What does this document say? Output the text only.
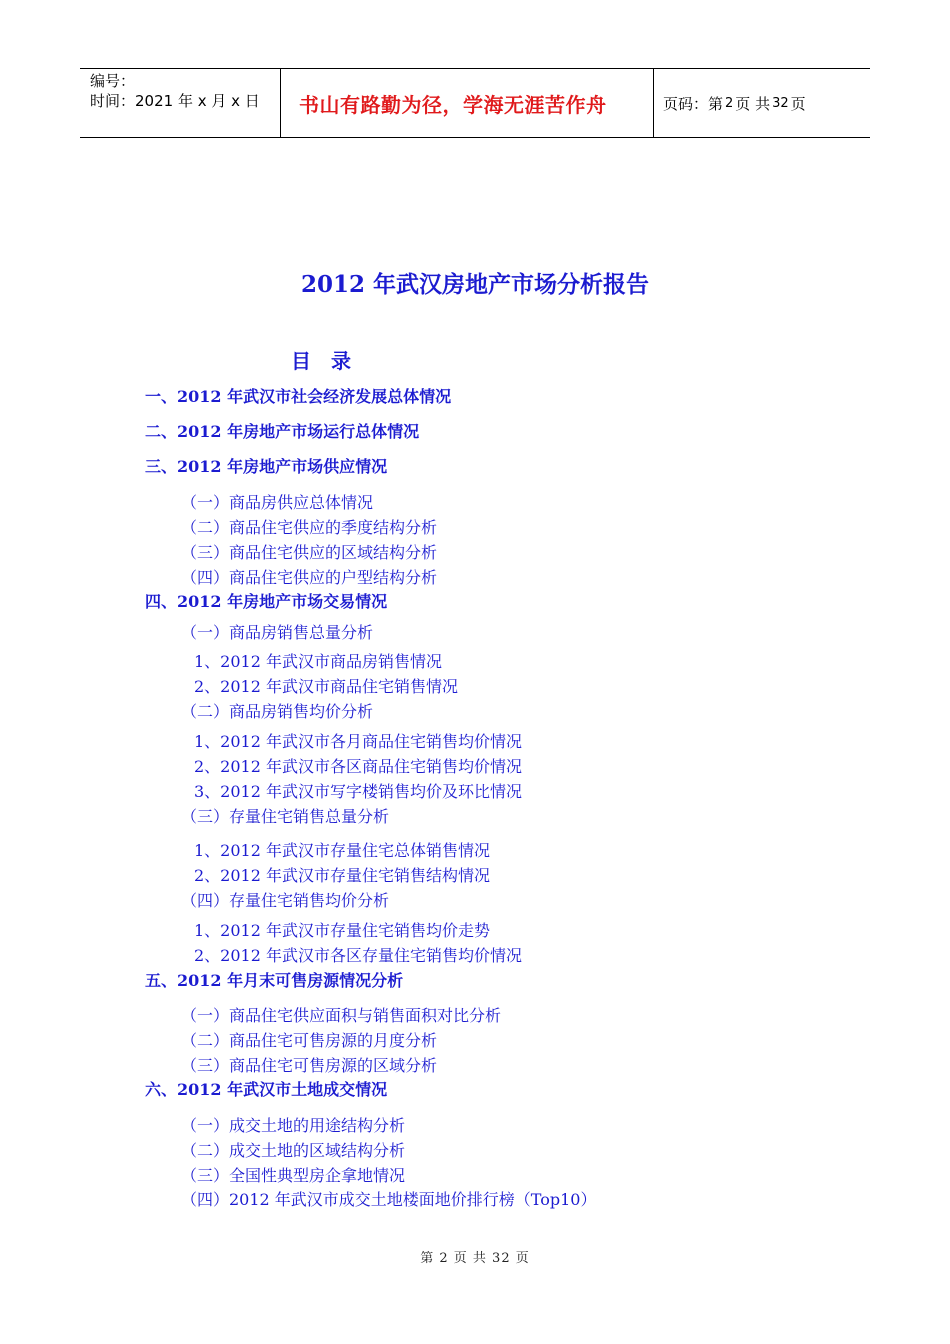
编号：
时间：2021 年 x 月 x 日	书山有路勤为径，学海无涯苦作舟	页码：第 2 页 共 32 页
2012 年武汉房地产市场分析报告
目录
一、2012 年武汉市社会经济发展总体情况
二、2012 年房地产市场运行总体情况
三、2012 年房地产市场供应情况
（一）商品房供应总体情况
（二）商品住宅供应的季度结构分析
（三）商品住宅供应的区域结构分析
（四）商品住宅供应的户型结构分析
四、2012 年房地产市场交易情况
（一）商品房销售总量分析
1、2012 年武汉市商品房销售情况
2、2012 年武汉市商品住宅销售情况
（二）商品房销售均价分析
1、2012 年武汉市各月商品住宅销售均价情况
2、2012 年武汉市各区商品住宅销售均价情况
3、2012 年武汉市写字楼销售均价及环比情况
（三）存量住宅销售总量分析
1、2012 年武汉市存量住宅总体销售情况
2、2012 年武汉市存量住宅销售结构情况
（四）存量住宅销售均价分析
1、2012 年武汉市存量住宅销售均价走势
2、2012 年武汉市各区存量住宅销售均价情况
五、2012 年月末可售房源情况分析
（一）商品住宅供应面积与销售面积对比分析
（二）商品住宅可售房源的月度分析
（三）商品住宅可售房源的区域分析
六、2012 年武汉市土地成交情况
（一）成交土地的用途结构分析
（二）成交土地的区域结构分析
（三）全国性典型房企拿地情况
（四）2012 年武汉市成交土地楼面地价排行榜（Top10）
第 2 页 共 32 页
